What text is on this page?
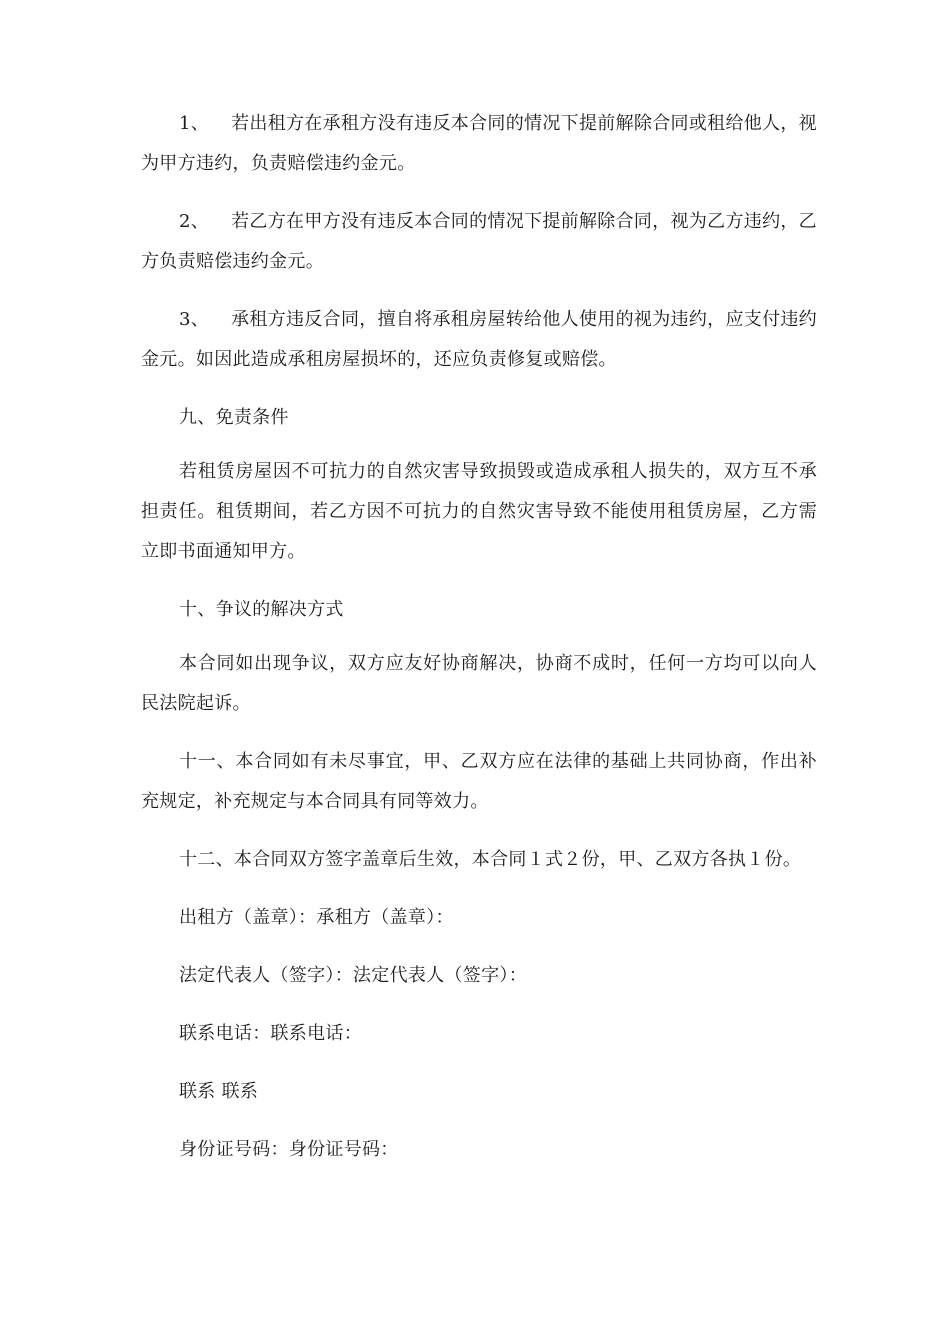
1、 若出租方在承租方没有违反本合同的情况下提前解除合同或租给他人，视为甲方违约，负责赔偿违约金元。

2、 若乙方在甲方没有违反本合同的情况下提前解除合同，视为乙方违约，乙方负责赔偿违约金元。

3、 承租方违反合同，擅自将承租房屋转给他人使用的视为违约，应支付违约金元。如因此造成承租房屋损坏的，还应负责修复或赔偿。

九、免责条件

若租赁房屋因不可抗力的自然灾害导致损毁或造成承租人损失的，双方互不承担责任。租赁期间，若乙方因不可抗力的自然灾害导致不能使用租赁房屋，乙方需立即书面通知甲方。

十、争议的解决方式

本合同如出现争议，双方应友好协商解决，协商不成时，任何一方均可以向人民法院起诉。

十一、本合同如有未尽事宜，甲、乙双方应在法律的基础上共同协商，作出补充规定，补充规定与本合同具有同等效力。

十二、本合同双方签字盖章后生效，本合同１式２份，甲、乙双方各执１份。

出租方（盖章）：承租方（盖章）：

法定代表人（签字）：法定代表人（签字）：

联系电话：联系电话：

联系 联系

身份证号码：身份证号码：
